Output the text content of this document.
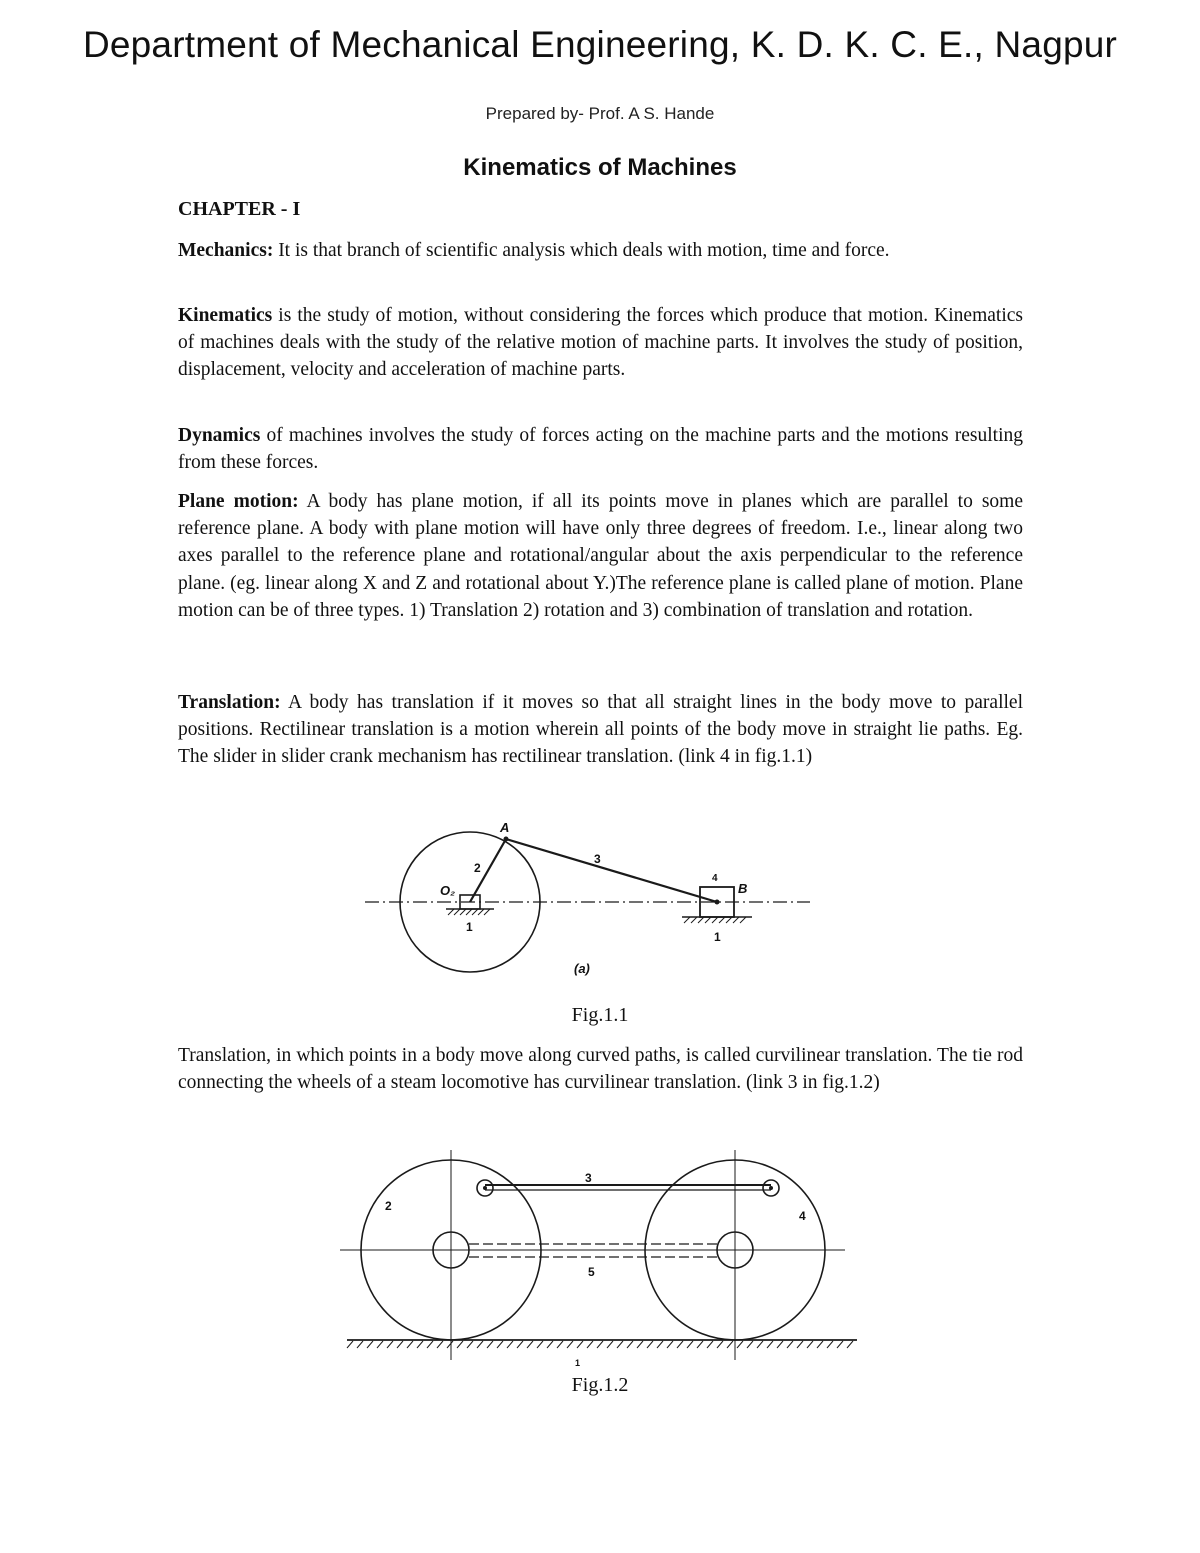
Department of Mechanical Engineering, K. D. K. C. E., Nagpur
Prepared by- Prof. A S. Hande
Kinematics of Machines
CHAPTER - I

Mechanics: It is that branch of scientific analysis which deals with motion, time and force.

Kinematics is the study of motion, without considering the forces which produce that motion. Kinematics of machines deals with the study of the relative motion of machine parts. It involves the study of position, displacement, velocity and acceleration of machine parts.

Dynamics of machines involves the study of forces acting on the machine parts and the motions resulting from these forces.

Plane motion: A body has plane motion, if all its points move in planes which are parallel to some reference plane. A body with plane motion will have only three degrees of freedom. I.e., linear along two axes parallel to the reference plane and rotational/angular about the axis perpendicular to the reference plane. (eg. linear along X and Z and rotational about Y.)The reference plane is called plane of motion. Plane motion can be of three types. 1) Translation 2) rotation and 3) combination of translation and rotation.

Translation: A body has translation if it moves so that all straight lines in the body move to parallel positions. Rectilinear translation is a motion wherein all points of the body move in straight lie paths. Eg. The slider in slider crank mechanism has rectilinear translation. (link 4 in fig.1.1)

A
B
O₂
(a)
2
3
1
1
4
Fig.1.1

Translation, in which points in a body move along curved paths, is called curvilinear translation. The tie rod connecting the wheels of a steam locomotive has curvilinear translation. (link 3 in fig.1.2)

2
3
4
5
1
Fig.1.2
